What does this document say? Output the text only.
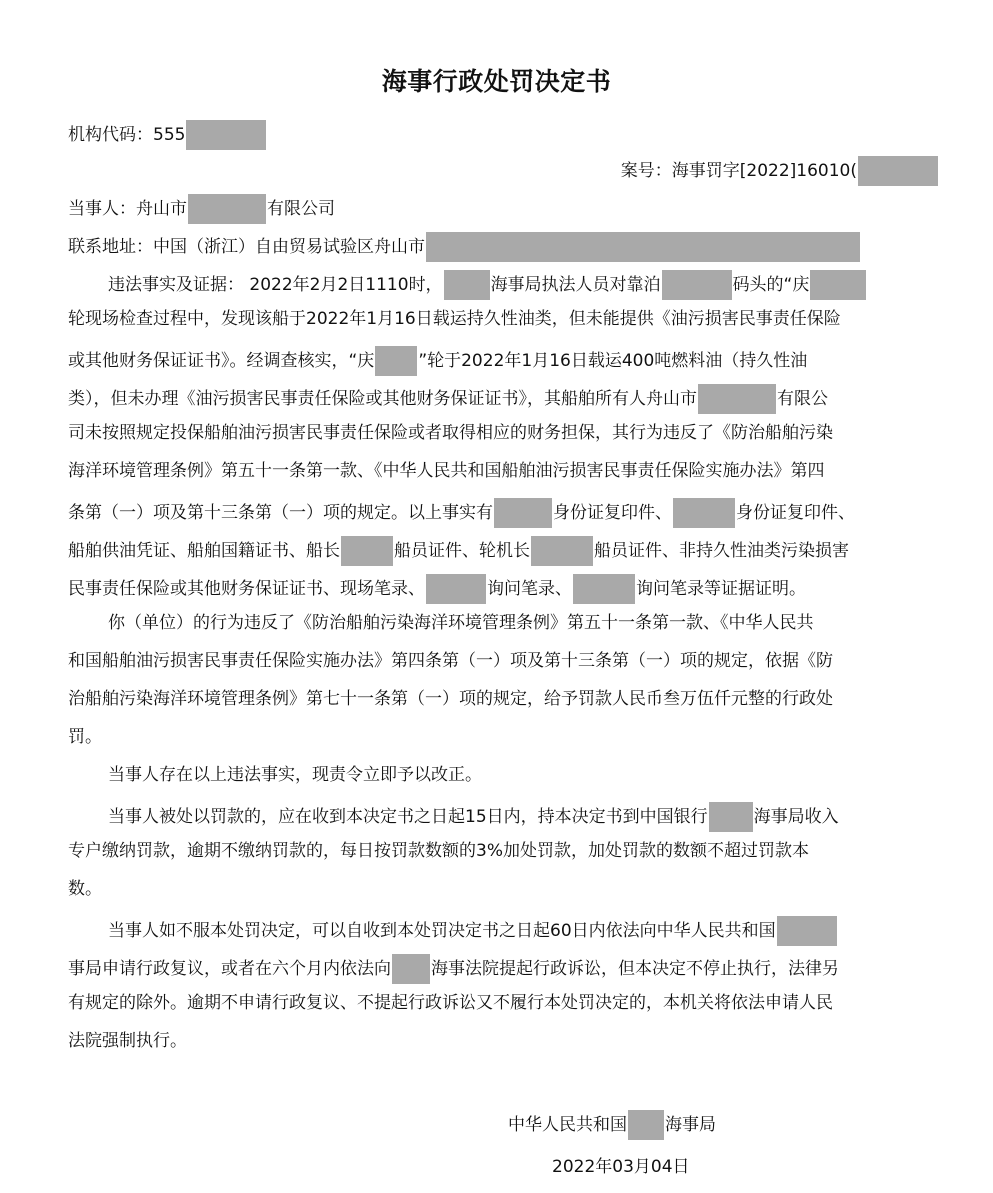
海事行政处罚决定书
机构代码：555
案号：海事罚字[2022]16010(
当事人：舟山市	有限公司
联系地址：中国（浙江）自由贸易试验区舟山市
违法事实及证据： 2022年2月2日1110时，	海事局执法人员对靠泊	码头的“庆
轮现场检查过程中，发现该船于2022年1月16日载运持久性油类，但未能提供《油污损害民事责任保险
或其他财务保证证书》。经调查核实，“庆	”轮于2022年1月16日载运400吨燃料油（持久性油
类），但未办理《油污损害民事责任保险或其他财务保证证书》，其船舶所有人舟山市	有限公
司未按照规定投保船舶油污损害民事责任保险或者取得相应的财务担保，其行为违反了《防治船舶污染
海洋环境管理条例》第五十一条第一款、《中华人民共和国船舶油污损害民事责任保险实施办法》第四
条第（一）项及第十三条第（一）项的规定。以上事实有	身份证复印件、	身份证复印件、
船舶供油凭证、船舶国籍证书、船长	船员证件、轮机长	船员证件、非持久性油类污染损害
民事责任保险或其他财务保证证书、现场笔录、	询问笔录、	询问笔录等证据证明。
你（单位）的行为违反了《防治船舶污染海洋环境管理条例》第五十一条第一款、《中华人民共
和国船舶油污损害民事责任保险实施办法》第四条第（一）项及第十三条第（一）项的规定，依据《防
治船舶污染海洋环境管理条例》第七十一条第（一）项的规定，给予罚款人民币叁万伍仟元整的行政处
罚。
当事人存在以上违法事实，现责令立即予以改正。
当事人被处以罚款的，应在收到本决定书之日起15日内，持本决定书到中国银行	海事局收入
专户缴纳罚款，逾期不缴纳罚款的，每日按罚款数额的3%加处罚款，加处罚款的数额不超过罚款本
数。
当事人如不服本处罚决定，可以自收到本处罚决定书之日起60日内依法向中华人民共和国
事局申请行政复议，或者在六个月内依法向 海事法院提起行政诉讼，但本决定不停止执行，法律另
有规定的除外。逾期不申请行政复议、不提起行政诉讼又不履行本处罚决定的，本机关将依法申请人民
法院强制执行。
中华人民共和国 海事局
2022年03月04日
